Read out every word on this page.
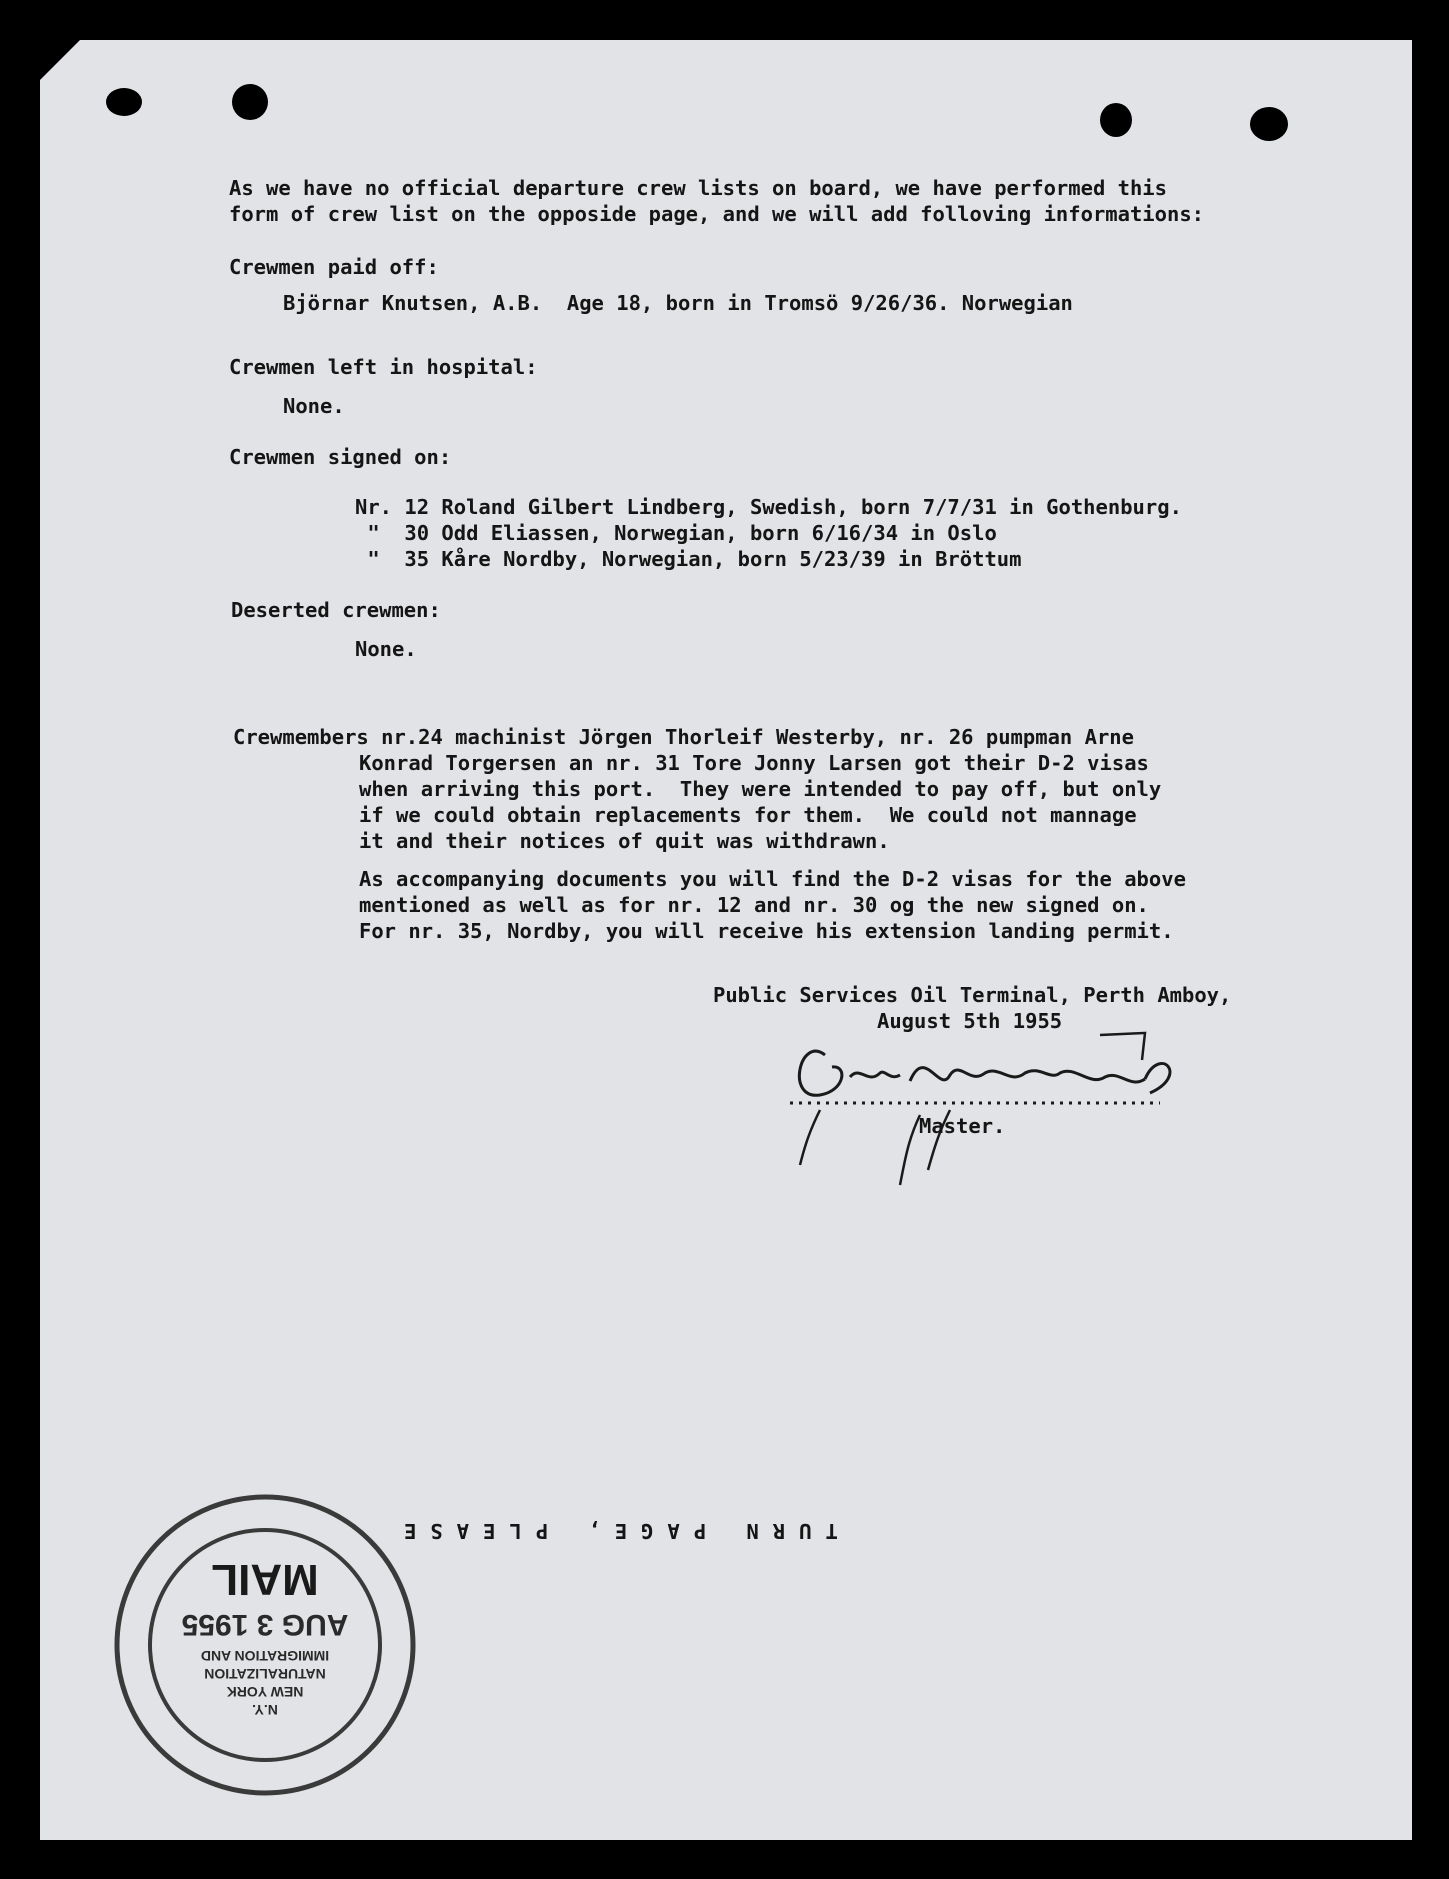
As we have no official departure crew lists on board, we have performed this

form of crew list on the opposide page, and we will add folloving informations:

Crewmen paid off:

Björnar Knutsen, A.B.  Age 18, born in Tromsö 9/26/36. Norwegian

Crewmen left in hospital:

None.

Crewmen signed on:

Nr. 12 Roland Gilbert Lindberg, Swedish, born 7/7/31 in Gothenburg.

"  30 Odd Eliassen, Norwegian, born 6/16/34 in Oslo

"  35 Kåre Nordby, Norwegian, born 5/23/39 in Bröttum

Deserted crewmen:

None.

Crewmembers nr.24 machinist Jörgen Thorleif Westerby, nr. 26 pumpman Arne

Konrad Torgersen an nr. 31 Tore Jonny Larsen got their D-2 visas

when arriving this port.  They were intended to pay off, but only

if we could obtain replacements for them.  We could not mannage

it and their notices of quit was withdrawn.

As accompanying documents you will find the D-2 visas for the above

mentioned as well as for nr. 12 and nr. 30 og the new signed on.

For nr. 35, Nordby, you will receive his extension landing permit.

Public Services Oil Terminal, Perth Amboy,

August 5th 1955

Master.

TURN PAGE, PLEASE

N.Y.
NEW YORK
NATURALIZATION
IMMIGRATION AND
AUG 3 1955
MAIL
